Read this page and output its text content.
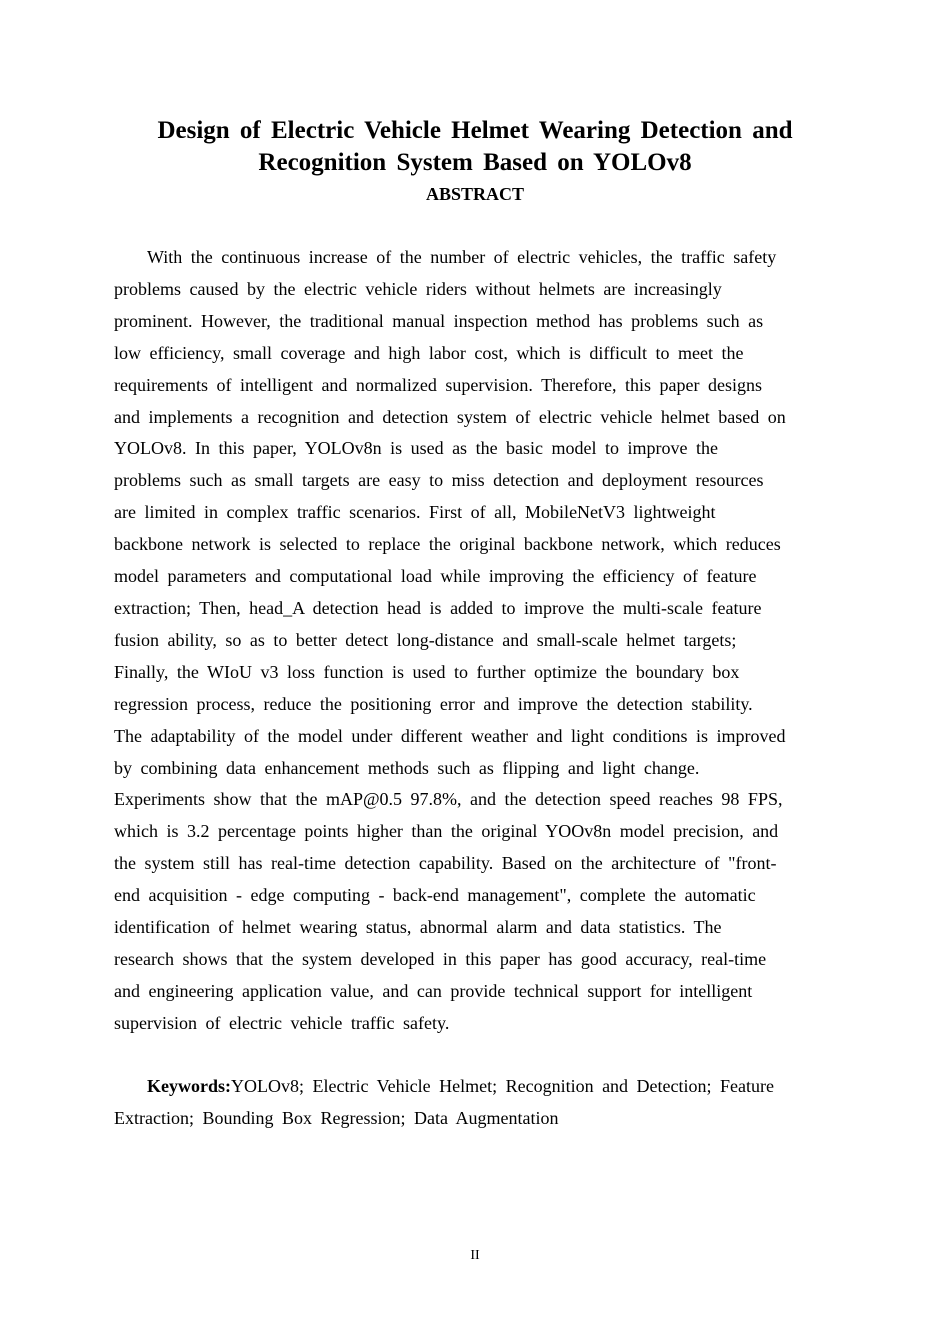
Design of Electric Vehicle Helmet Wearing Detection and
Recognition System Based on YOLOv8
ABSTRACT
With the continuous increase of the number of electric vehicles, the traffic safety
problems caused by the electric vehicle riders without helmets are increasingly
prominent. However, the traditional manual inspection method has problems such as
low efficiency, small coverage and high labor cost, which is difficult to meet the
requirements of intelligent and normalized supervision. Therefore, this paper designs
and implements a recognition and detection system of electric vehicle helmet based on
YOLOv8. In this paper, YOLOv8n is used as the basic model to improve the
problems such as small targets are easy to miss detection and deployment resources
are limited in complex traffic scenarios. First of all, MobileNetV3 lightweight
backbone network is selected to replace the original backbone network, which reduces
model parameters and computational load while improving the efficiency of feature
extraction; Then, head_A detection head is added to improve the multi-scale feature
fusion ability, so as to better detect long-distance and small-scale helmet targets;
Finally, the WIoU v3 loss function is used to further optimize the boundary box
regression process, reduce the positioning error and improve the detection stability.
The adaptability of the model under different weather and light conditions is improved
by combining data enhancement methods such as flipping and light change.
Experiments show that the mAP@0.5 97.8%, and the detection speed reaches 98 FPS,
which is 3.2 percentage points higher than the original YOOv8n model precision, and
the system still has real-time detection capability. Based on the architecture of "front-
end acquisition - edge computing - back-end management", complete the automatic
identification of helmet wearing status, abnormal alarm and data statistics. The
research shows that the system developed in this paper has good accuracy, real-time
and engineering application value, and can provide technical support for intelligent
supervision of electric vehicle traffic safety.
Keywords:YOLOv8; Electric Vehicle Helmet; Recognition and Detection; Feature
Extraction; Bounding Box Regression; Data Augmentation
II
